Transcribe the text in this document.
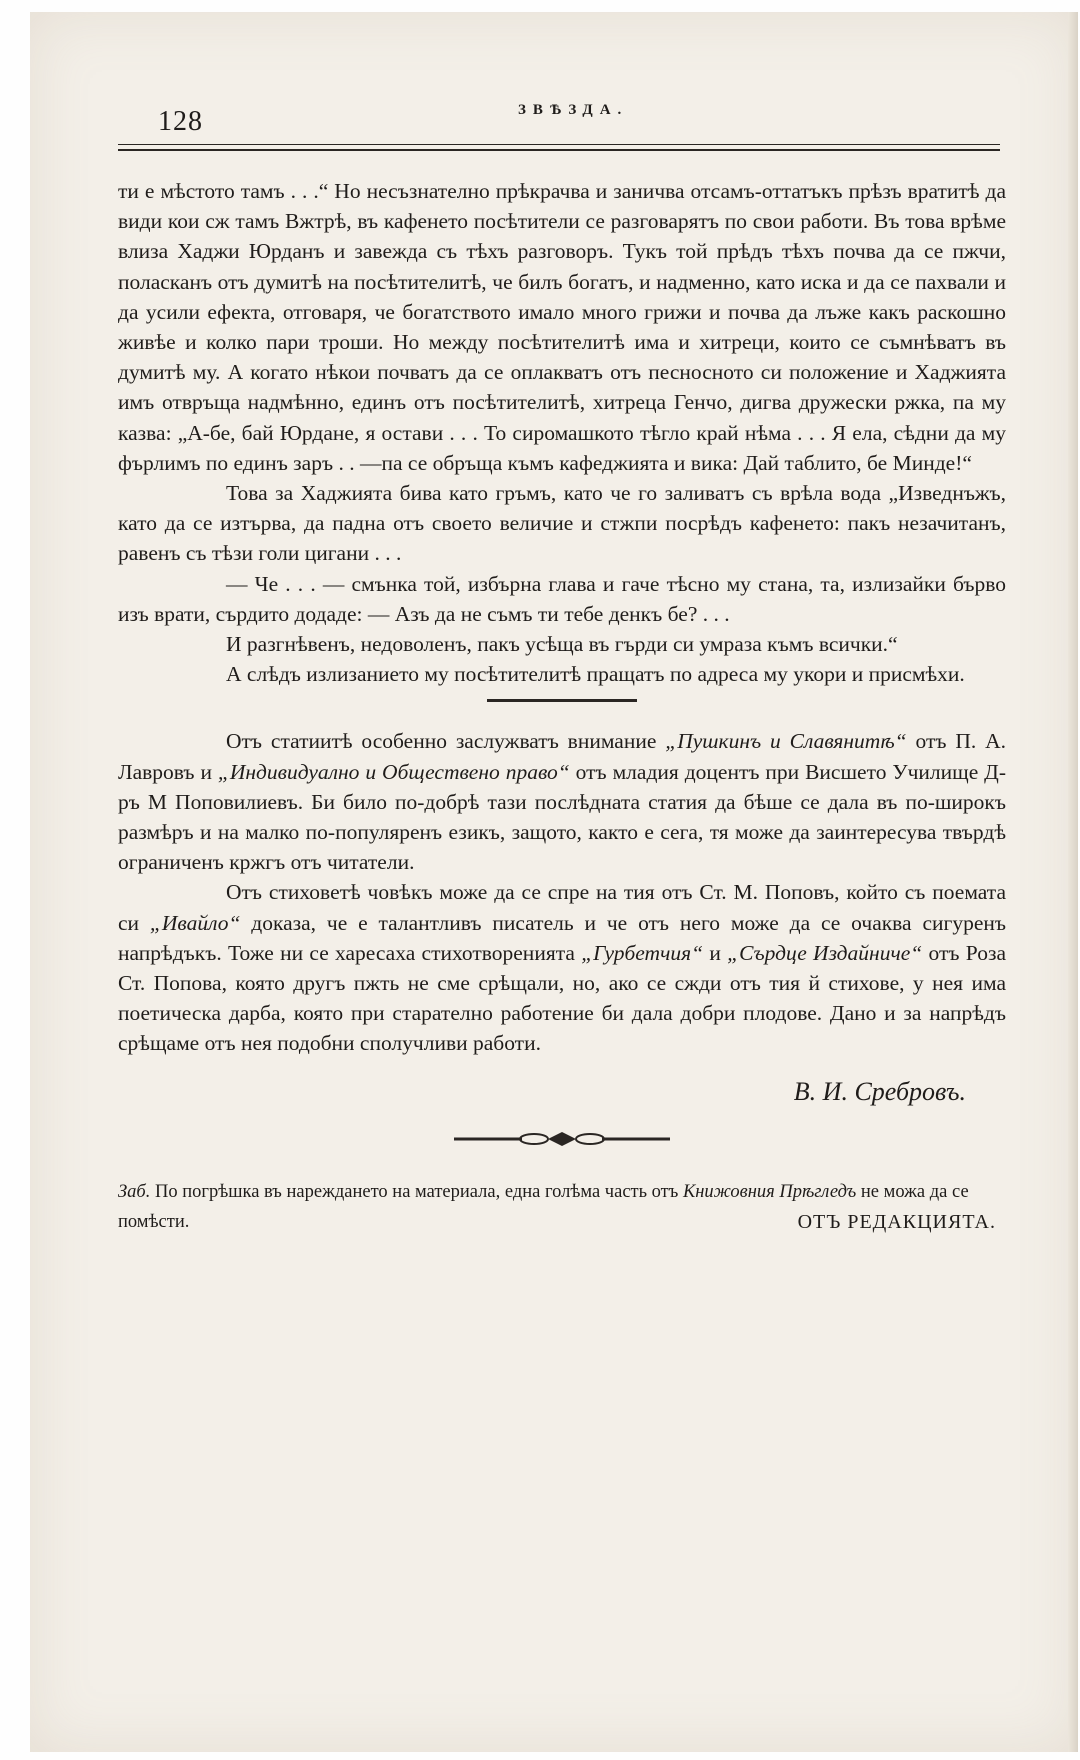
128	ЗВѢЗДА.

ти е мѣстото тамъ . . .“ Но несъзнателно прѣкрачва и заничва отсамъ-оттатъкъ прѣзъ вратитѣ да види кои сж тамъ Вжтрѣ, въ кафенето посѣтители се разговарятъ по свои работи. Въ това врѣме влиза Хаджи Юрданъ и завежда съ тѣхъ разговоръ. Тукъ той прѣдъ тѣхъ почва да се пжчи, поласканъ отъ думитѣ на посѣтителитѣ, че билъ богатъ, и надменно, като иска и да се пахвали и да усили ефекта, отговаря, че богатството имало много грижи и почва да лъже какъ раскошно живѣе и колко пари троши. Но между посѣтителитѣ има и хитреци, които се съмнѣватъ въ думитѣ му. А когато нѣкои почватъ да се оплакватъ отъ песносното си положение и Хаджията имъ отвръща надмѣнно, единъ отъ посѣтителитѣ, хитреца Генчо, дигва дружески ржка, па му казва: „А-бе, бай Юрдане, я остави . . . То сиромашкото тѣгло край нѣма . . . Я ела, сѣдни да му фърлимъ по единъ заръ . . —па се обръща къмъ кафеджията и вика: Дай таблито, бе Минде!“

Това за Хаджията бива като гръмъ, като че го заливатъ съ врѣла вода „Изведнъжъ, като да се изтърва, да падна отъ своето величие и стжпи посрѣдъ кафенето: пакъ незачитанъ, равенъ съ тѣзи голи цигани . . .

— Че . . . — смънка той, избърна глава и гаче тѣсно му стана, та, излизайки бърво изъ врати, сърдито додаде: — Азъ да не съмъ ти тебе денкъ бе? . . .

И разгнѣвенъ, недоволенъ, пакъ усѣща въ гърди си умраза къмъ всички.“

А слѣдъ излизанието му посѣтителитѣ пращатъ по адреса му укори и присмѣхи.

Отъ статиитѣ особенно заслужватъ внимание „Пушкинъ и Славянитѣ“ отъ П. А. Лавровъ и „Индивидуално и Обществено право“ отъ младия доцентъ при Висшето Училище Д-ръ М Поповилиевъ. Би било по-добрѣ тази послѣдната статия да бѣше се дала въ по-широкъ размѣръ и на малко по-популяренъ езикъ, защото, както е сега, тя може да заинтересува твърдѣ ограниченъ кржгъ отъ читатели.

Отъ стиховетѣ човѣкъ може да се спре на тия отъ Ст. М. Поповъ, който съ поемата си „Ивайло“ доказа, че е талантливъ писатель и че отъ него може да се очаква сигуренъ напрѣдъкъ. Тоже ни се харесаха стихотворенията „Гурбетчия“ и „Сърдце Издайниче“ отъ Роза Ст. Попова, която другъ пжть не сме срѣщали, но, ако се сжди отъ тия й стихове, у нея има поетическа дарба, която при старателно работение би дала добри плодове. Дано и за напрѣдъ срѣщаме отъ нея подобни сполучливи работи.

В. И. Сребровъ.

Заб. По погрѣшка въ нареждането на материала, една голѣма часть отъ Книжовния Прѣгледъ не можа да се помѣсти.	ОТЪ РЕДАКЦИЯТА.
